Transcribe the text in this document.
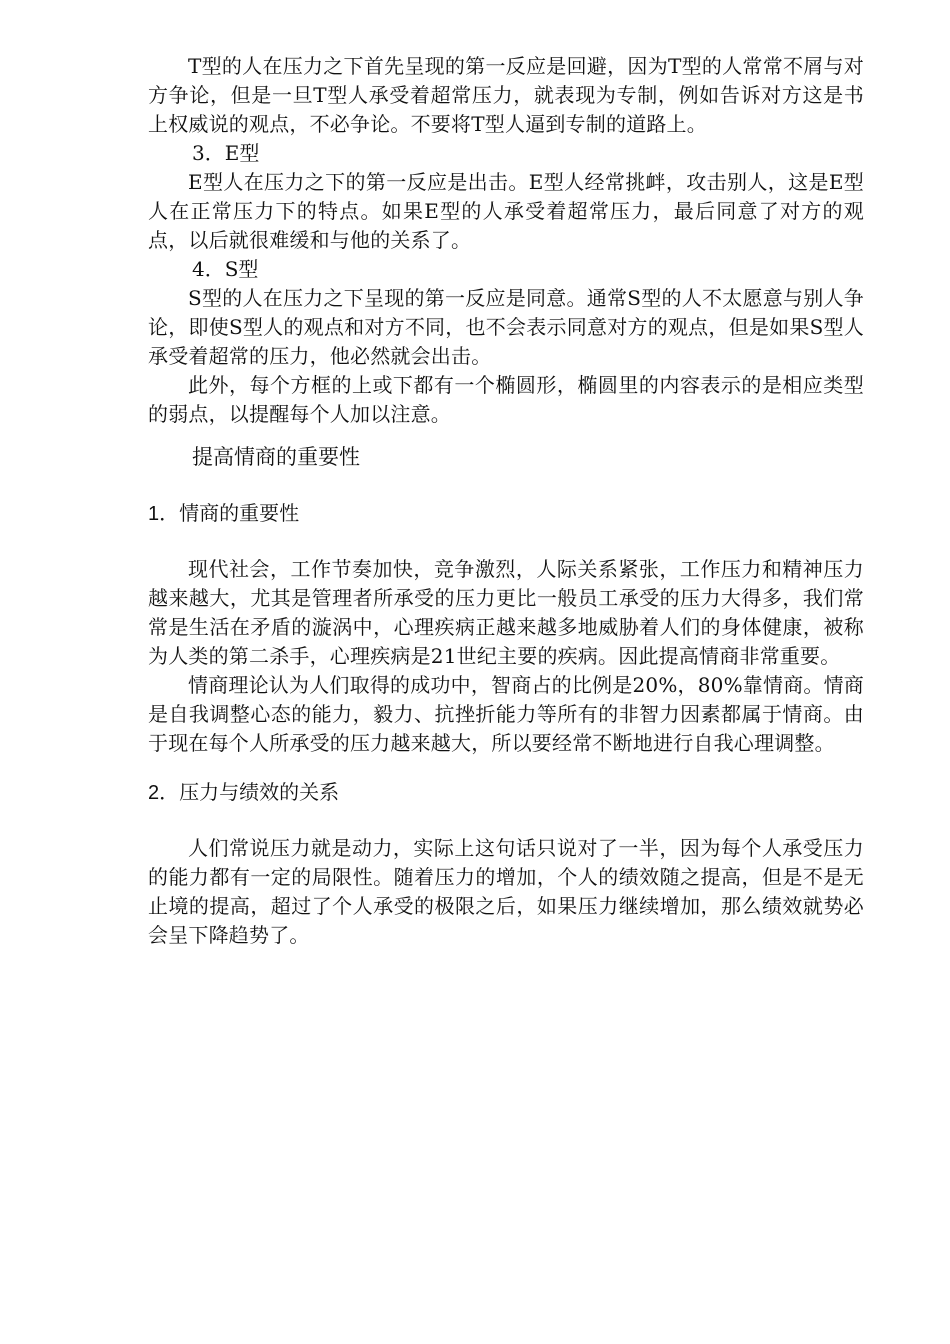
T型的人在压力之下首先呈现的第一反应是回避，因为T型的人常常不屑与对方争论，但是一旦T型人承受着超常压力，就表现为专制，例如告诉对方这是书上权威说的观点，不必争论。不要将T型人逼到专制的道路上。

3．E型

E型人在压力之下的第一反应是出击。E型人经常挑衅，攻击别人，这是E型人在正常压力下的特点。如果E型的人承受着超常压力，最后同意了对方的观点，以后就很难缓和与他的关系了。

4．S型

S型的人在压力之下呈现的第一反应是同意。通常S型的人不太愿意与别人争论，即使S型人的观点和对方不同，也不会表示同意对方的观点，但是如果S型人承受着超常的压力，他必然就会出击。

此外，每个方框的上或下都有一个椭圆形，椭圆里的内容表示的是相应类型的弱点，以提醒每个人加以注意。

提高情商的重要性
1．情商的重要性

现代社会，工作节奏加快，竞争激烈，人际关系紧张，工作压力和精神压力越来越大，尤其是管理者所承受的压力更比一般员工承受的压力大得多，我们常常是生活在矛盾的漩涡中，心理疾病正越来越多地威胁着人们的身体健康，被称为人类的第二杀手，心理疾病是21世纪主要的疾病。因此提高情商非常重要。

情商理论认为人们取得的成功中，智商占的比例是20%，80%靠情商。情商是自我调整心态的能力，毅力、抗挫折能力等所有的非智力因素都属于情商。由于现在每个人所承受的压力越来越大，所以要经常不断地进行自我心理调整。

2．压力与绩效的关系

人们常说压力就是动力，实际上这句话只说对了一半，因为每个人承受压力的能力都有一定的局限性。随着压力的增加，个人的绩效随之提高，但是不是无止境的提高，超过了个人承受的极限之后，如果压力继续增加，那么绩效就势必会呈下降趋势了。
